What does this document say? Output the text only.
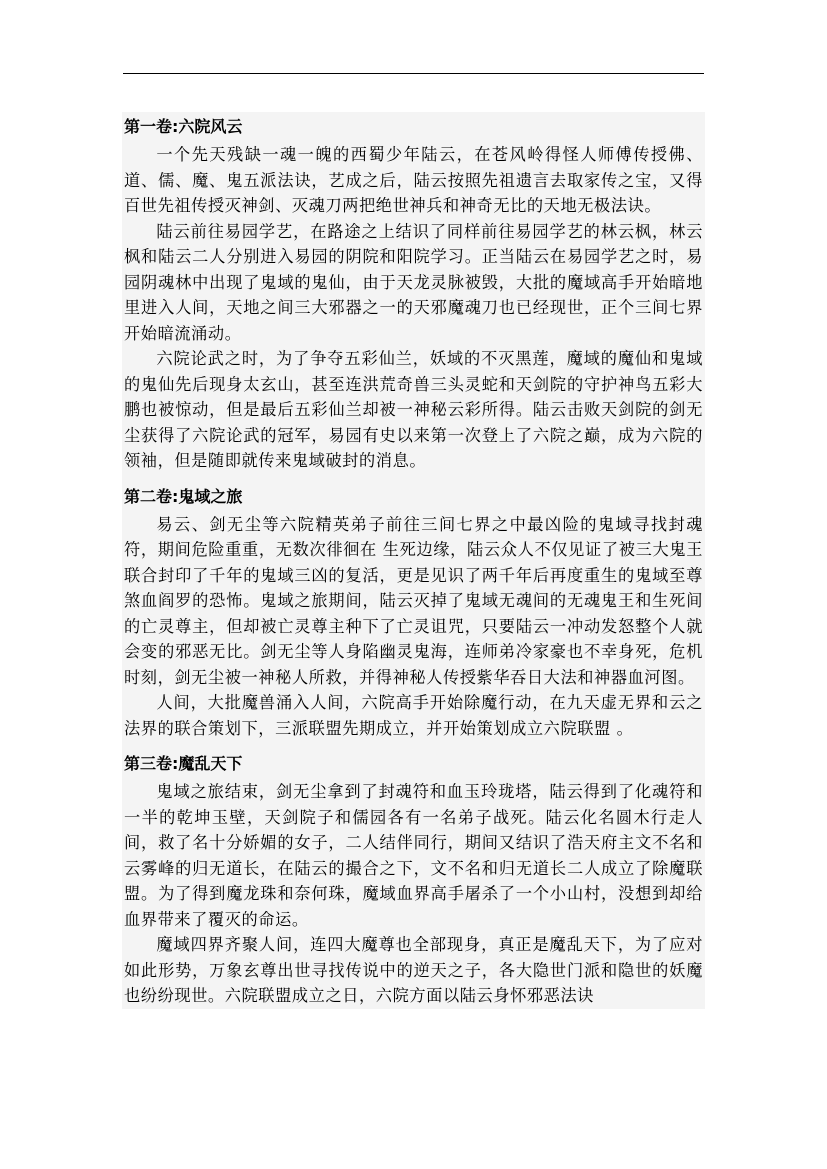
第一卷:六院风云

一个先天残缺一魂一魄的西蜀少年陆云，在苍风岭得怪人师傅传授佛、道、儒、魔、鬼五派法诀，艺成之后，陆云按照先祖遗言去取家传之宝，又得百世先祖传授灭神剑、灭魂刀两把绝世神兵和神奇无比的天地无极法诀。

陆云前往易园学艺，在路途之上结识了同样前往易园学艺的林云枫，林云枫和陆云二人分别进入易园的阴院和阳院学习。正当陆云在易园学艺之时，易园阴魂林中出现了鬼域的鬼仙，由于天龙灵脉被毁，大批的魔域高手开始暗地里进入人间，天地之间三大邪器之一的天邪魔魂刀也已经现世，正个三间七界开始暗流涌动。

六院论武之时，为了争夺五彩仙兰，妖域的不灭黑莲，魔域的魔仙和鬼域的鬼仙先后现身太玄山，甚至连洪荒奇兽三头灵蛇和天剑院的守护神鸟五彩大鹏也被惊动，但是最后五彩仙兰却被一神秘云彩所得。陆云击败天剑院的剑无尘获得了六院论武的冠军，易园有史以来第一次登上了六院之巅，成为六院的领袖，但是随即就传来鬼域破封的消息。

第二卷:鬼域之旅

易云、剑无尘等六院精英弟子前往三间七界之中最凶险的鬼域寻找封魂符，期间危险重重，无数次徘徊在 生死边缘，陆云众人不仅见证了被三大鬼王联合封印了千年的鬼域三凶的复活，更是见识了两千年后再度重生的鬼域至尊煞血阎罗的恐怖。鬼域之旅期间，陆云灭掉了鬼域无魂间的无魂鬼王和生死间的亡灵尊主，但却被亡灵尊主种下了亡灵诅咒，只要陆云一冲动发怒整个人就会变的邪恶无比。剑无尘等人身陷幽灵鬼海，连师弟冷家豪也不幸身死，危机时刻，剑无尘被一神秘人所救，并得神秘人传授紫华吞日大法和神器血河图。

人间，大批魔兽涌入人间，六院高手开始除魔行动，在九天虚无界和云之法界的联合策划下，三派联盟先期成立，并开始策划成立六院联盟 。

第三卷:魔乱天下

鬼域之旅结束，剑无尘拿到了封魂符和血玉玲珑塔，陆云得到了化魂符和一半的乾坤玉壁，天剑院子和儒园各有一名弟子战死。陆云化名圆木行走人间，救了名十分娇媚的女子，二人结伴同行，期间又结识了浩天府主文不名和云雾峰的归无道长，在陆云的撮合之下，文不名和归无道长二人成立了除魔联盟。为了得到魔龙珠和奈何珠，魔域血界高手屠杀了一个小山村，没想到却给血界带来了覆灭的命运。

魔域四界齐聚人间，连四大魔尊也全部现身，真正是魔乱天下，为了应对如此形势，万象玄尊出世寻找传说中的逆天之子，各大隐世门派和隐世的妖魔也纷纷现世。六院联盟成立之日，六院方面以陆云身怀邪恶法诀
